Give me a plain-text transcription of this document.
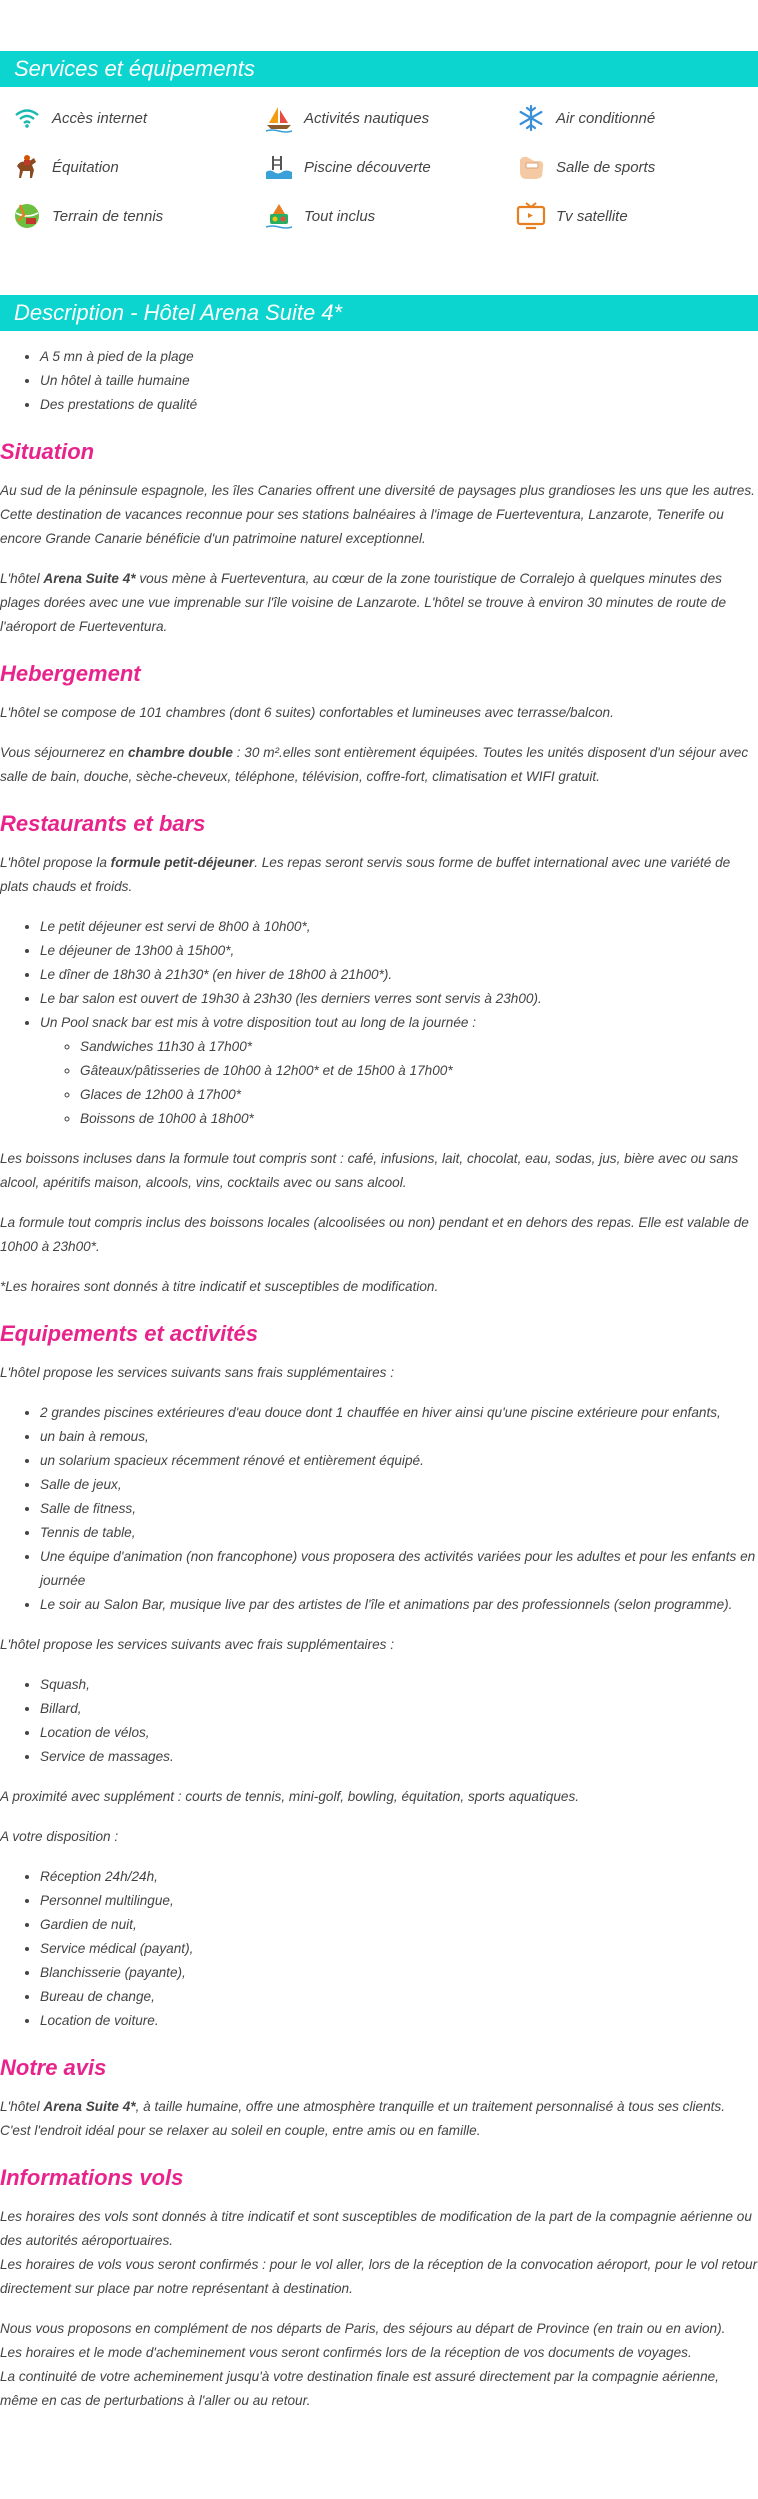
Services et équipements
Accès internet	Activités nautiques	Air conditionné
Équitation	Piscine découverte	Salle de sports
Terrain de tennis	Tout inclus	Tv satellite
Description - Hôtel Arena Suite 4*
• A 5 mn à pied de la plage
• Un hôtel à taille humaine
• Des prestations de qualité
Situation

Au sud de la péninsule espagnole, les îles Canaries offrent une diversité de paysages plus grandioses les uns que les autres. Cette destination de vacances reconnue pour ses stations balnéaires à l'image de Fuerteventura, Lanzarote, Tenerife ou encore Grande Canarie bénéficie d'un patrimoine naturel exceptionnel.

L'hôtel Arena Suite 4* vous mène à Fuerteventura, au cœur de la zone touristique de Corralejo à quelques minutes des plages dorées avec une vue imprenable sur l'île voisine de Lanzarote. L'hôtel se trouve à environ 30 minutes de route de l'aéroport de Fuerteventura.

Hebergement

L'hôtel se compose de 101 chambres (dont 6 suites) confortables et lumineuses avec terrasse/balcon.

Vous séjournerez en chambre double : 30 m².elles sont entièrement équipées. Toutes les unités disposent d'un séjour avec salle de bain, douche, sèche-cheveux, téléphone, télévision, coffre-fort, climatisation et WIFI gratuit.

Restaurants et bars

L'hôtel propose la formule petit-déjeuner. Les repas seront servis sous forme de buffet international avec une variété de plats chauds et froids.

• Le petit déjeuner est servi de 8h00 à 10h00*,
• Le déjeuner de 13h00 à 15h00*,
• Le dîner de 18h30 à 21h30* (en hiver de 18h00 à 21h00*).
• Le bar salon est ouvert de 19h30 à 23h30 (les derniers verres sont servis à 23h00).
• Un Pool snack bar est mis à votre disposition tout au long de la journée :
◦ Sandwiches 11h30 à 17h00*
◦ Gâteaux/pâtisseries de 10h00 à 12h00* et de 15h00 à 17h00*
◦ Glaces de 12h00 à 17h00*
◦ Boissons de 10h00 à 18h00*

Les boissons incluses dans la formule tout compris sont : café, infusions, lait, chocolat, eau, sodas, jus, bière avec ou sans alcool, apéritifs maison, alcools, vins, cocktails avec ou sans alcool.

La formule tout compris inclus des boissons locales (alcoolisées ou non) pendant et en dehors des repas. Elle est valable de 10h00 à 23h00*.

*Les horaires sont donnés à titre indicatif et susceptibles de modification.

Equipements et activités

L'hôtel propose les services suivants sans frais supplémentaires :

• 2 grandes piscines extérieures d'eau douce dont 1 chauffée en hiver ainsi qu'une piscine extérieure pour enfants,
• un bain à remous,
• un solarium spacieux récemment rénové et entièrement équipé.
• Salle de jeux,
• Salle de fitness,
• Tennis de table,
• Une équipe d'animation (non francophone) vous proposera des activités variées pour les adultes et pour les enfants en journée
• Le soir au Salon Bar, musique live par des artistes de l'île et animations par des professionnels (selon programme).

L'hôtel propose les services suivants avec frais supplémentaires :

• Squash,
• Billard,
• Location de vélos,
• Service de massages.

A proximité avec supplément : courts de tennis, mini-golf, bowling, équitation, sports aquatiques.

A votre disposition :

• Réception 24h/24h,
• Personnel multilingue,
• Gardien de nuit,
• Service médical (payant),
• Blanchisserie (payante),
• Bureau de change,
• Location de voiture.
Notre avis

L'hôtel Arena Suite 4*, à taille humaine, offre une atmosphère tranquille et un traitement personnalisé à tous ses clients. C'est l'endroit idéal pour se relaxer au soleil en couple, entre amis ou en famille.

Informations vols
Les horaires des vols sont donnés à titre indicatif et sont susceptibles de modification de la part de la compagnie aérienne ou des autorités aéroportuaires.
Les horaires de vols vous seront confirmés : pour le vol aller, lors de la réception de la convocation aéroport, pour le vol retour directement sur place par notre représentant à destination.
Nous vous proposons en complément de nos départs de Paris, des séjours au départ de Province (en train ou en avion).
Les horaires et le mode d'acheminement vous seront confirmés lors de la réception de vos documents de voyages.
La continuité de votre acheminement jusqu'à votre destination finale est assuré directement par la compagnie aérienne, même en cas de perturbations à l'aller ou au retour.
